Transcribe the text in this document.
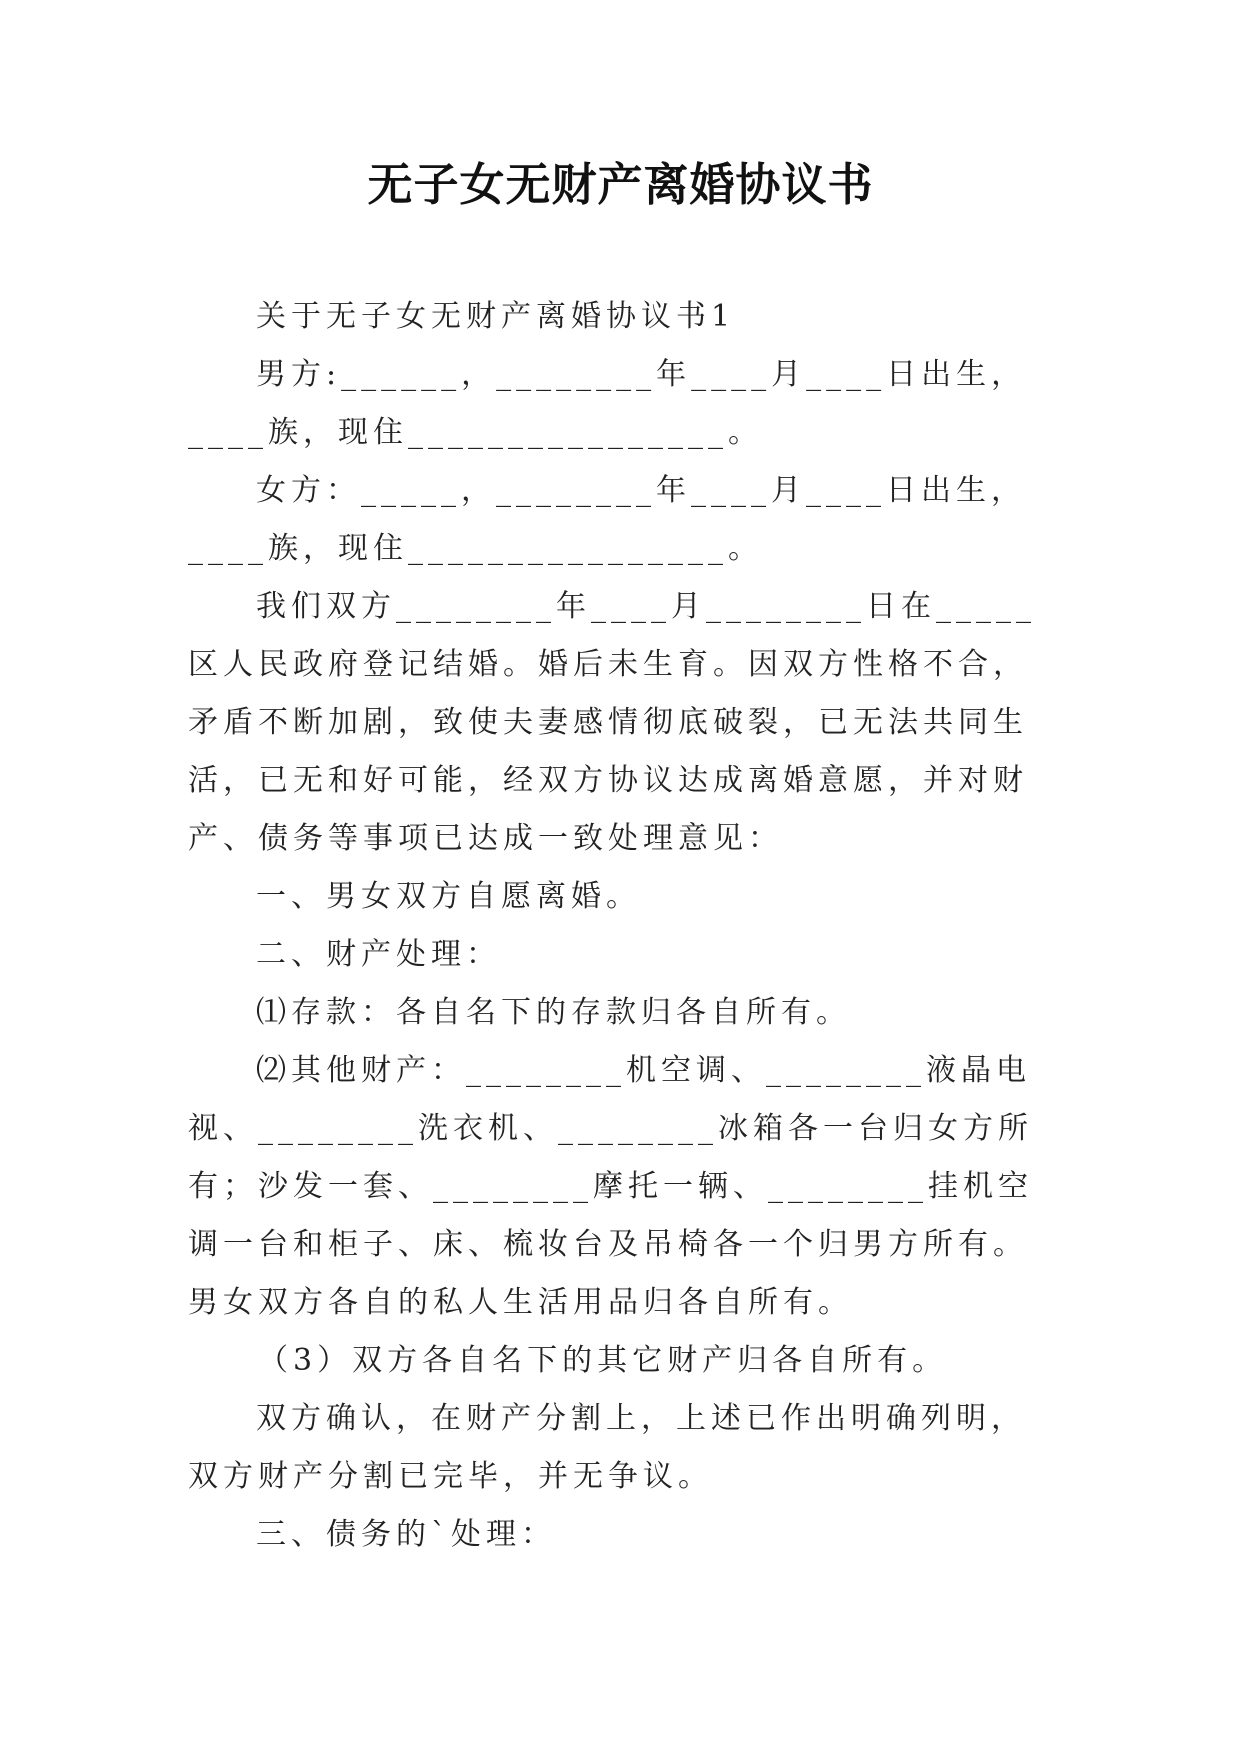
无子女无财产离婚协议书

关于无子女无财产离婚协议书1

男方:______，________年____月____日出生，____族，现住________________。

女方：_____，________年____月____日出生，____族，现住________________。

我们双方________年____月________日在_____区人民政府登记结婚。婚后未生育。因双方性格不合，矛盾不断加剧，致使夫妻感情彻底破裂，已无法共同生活，已无和好可能，经双方协议达成离婚意愿，并对财产、债务等事项已达成一致处理意见：

一、男女双方自愿离婚。

二、财产处理：

⑴存款：各自名下的存款归各自所有。

⑵其他财产：________机空调、________液晶电视、________洗衣机、________冰箱各一台归女方所有；沙发一套、________摩托一辆、________挂机空调一台和柜子、床、梳妆台及吊椅各一个归男方所有。男女双方各自的私人生活用品归各自所有。

（3）双方各自名下的其它财产归各自所有。

双方确认，在财产分割上，上述已作出明确列明，双方财产分割已完毕，并无争议。

三、债务的`处理：
